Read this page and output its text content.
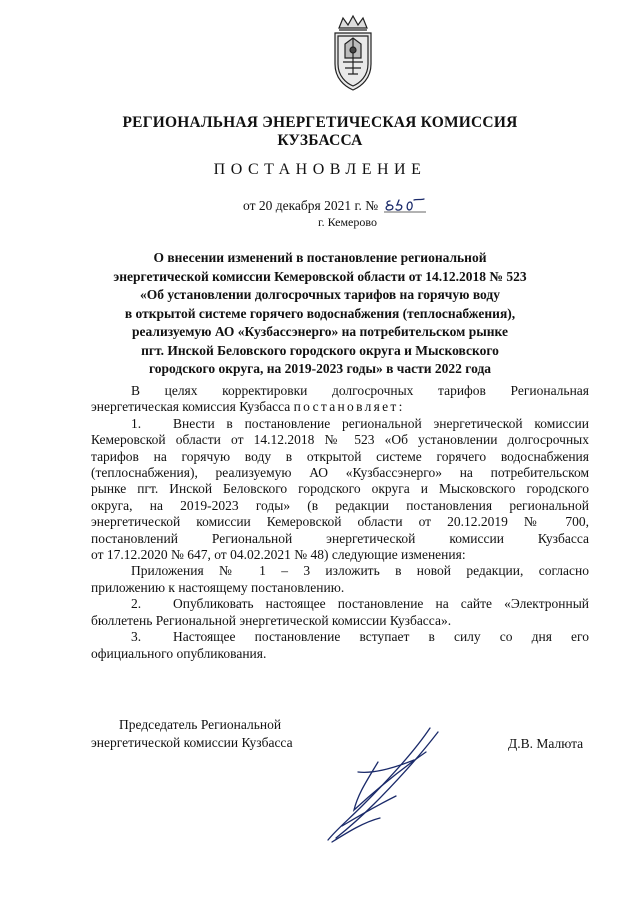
РЕГИОНАЛЬНАЯ ЭНЕРГЕТИЧЕСКАЯ КОМИССИЯ
КУЗБАССА
ПОСТАНОВЛЕНИЕ
от 20 декабря 2021 г. №
г. Кемерово
О внесении изменений в постановление региональной
энергетической комиссии Кемеровской области от 14.12.2018 № 523
«Об установлении долгосрочных тарифов на горячую воду
в открытой системе горячего водоснабжения (теплоснабжения),
реализуемую АО «Кузбассэнерго» на потребительском рынке
пгт. Инской Беловского городского округа и Мысковского
городского округа, на 2019-2023 годы» в части 2022 года

В целях корректировки долгосрочных тарифов Региональная
энергетическая комиссия Кузбасса постановляет:

1. Внести в постановление региональной энергетической комиссии
Кемеровской области от 14.12.2018 № 523 «Об установлении долгосрочных
тарифов на горячую воду в открытой системе горячего водоснабжения
(теплоснабжения), реализуемую АО «Кузбассэнерго» на потребительском
рынке пгт. Инской Беловского городского округа и Мысковского городского
округа, на 2019-2023 годы» (в редакции постановления региональной
энергетической комиссии Кемеровской области от 20.12.2019 № 700,
постановлений Региональной энергетической комиссии Кузбасса
от 17.12.2020 № 647, от 04.02.2021 № 48) следующие изменения:

Приложения № 1 – 3 изложить в новой редакции, согласно
приложению к настоящему постановлению.

2. Опубликовать настоящее постановление на сайте «Электронный
бюллетень Региональной энергетической комиссии Кузбасса».

3. Настоящее постановление вступает в силу со дня его
официального опубликования.

Председатель Региональной
энергетической комиссии Кузбасса	Д.В. Малюта
